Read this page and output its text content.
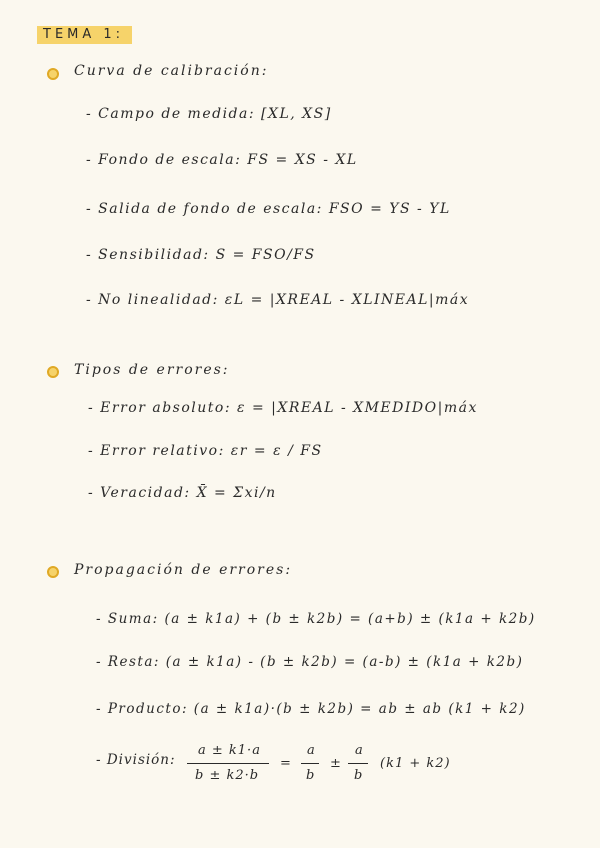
TEMA 1:
Curva de calibración:
- Campo de medida: [XL, XS]
- Fondo de escala: FS = XS - XL
- Salida de fondo de escala: FSO = YS - YL
- Sensibilidad: S = FSO/FS
- No linealidad: εL = |XREAL - XLINEAL|máx
Tipos de errores:
- Error absoluto: ε = |XREAL - XMEDIDO|máx
- Error relativo: εr = ε / FS
- Veracidad: X̄ = Σxi/n
Propagación de errores:
- Suma: (a ± k1a) + (b ± k2b) = (a+b) ± (k1a + k2b)
- Resta: (a ± k1a) - (b ± k2b) = (a-b) ± (k1a + k2b)
- Producto: (a ± k1a)·(b ± k2b) = ab ± ab (k1 + k2)
- División:
a ± k1·a
b ± k2·b
=
a
b
±
a
b
(k1 + k2)
